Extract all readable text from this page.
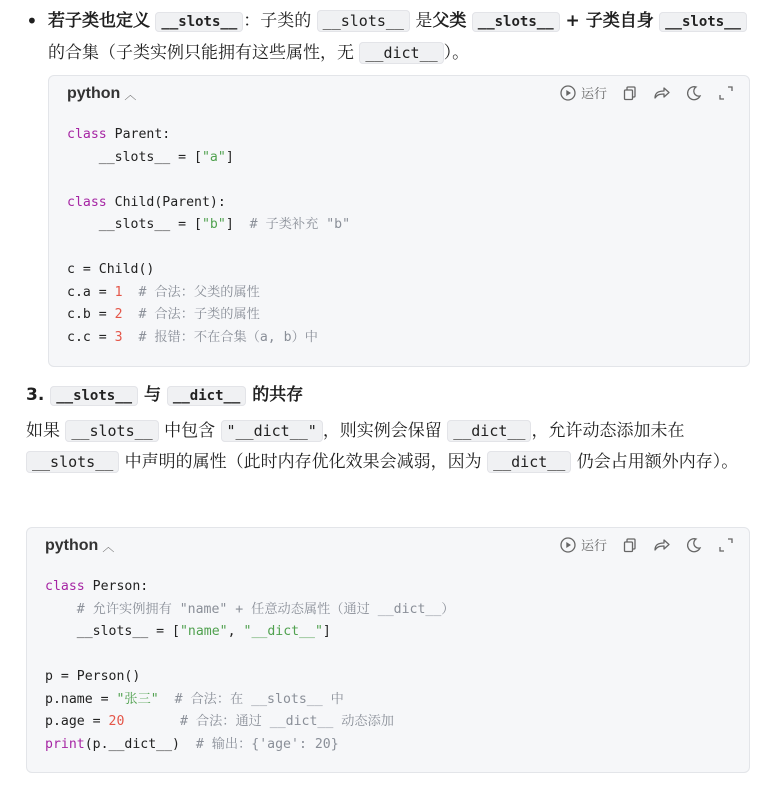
• 若子类也定义 __slots__ ：子类的 __slots__ 是父类 __slots__ + 子类自身 __slots__
的合集（子类实例只能拥有这些属性，无 __dict__ ）。
python ︿	运行
class Parent:
__slots__ = ["a"]

class Child(Parent):
__slots__ = ["b"]  # 子类补充 "b"

c = Child()
c.a = 1  # 合法：父类的属性
c.b = 2  # 合法：子类的属性
c.c = 3  # 报错：不在合集（a, b）中
3. __slots__ 与 __dict__ 的共存
如果 __slots__ 中包含 "__dict__" ，则实例会保留 __dict__ ，允许动态添加未在
__slots__ 中声明的属性（此时内存优化效果会减弱，因为 __dict__ 仍会占用额外内存）。
python ︿	运行
class Person:
# 允许实例拥有 "name" + 任意动态属性（通过 __dict__）
__slots__ = ["name", "__dict__"]

p = Person()
p.name = "张三"  # 合法：在 __slots__ 中
p.age = 20       # 合法：通过 __dict__ 动态添加
print(p.__dict__)  # 输出：{'age': 20}
